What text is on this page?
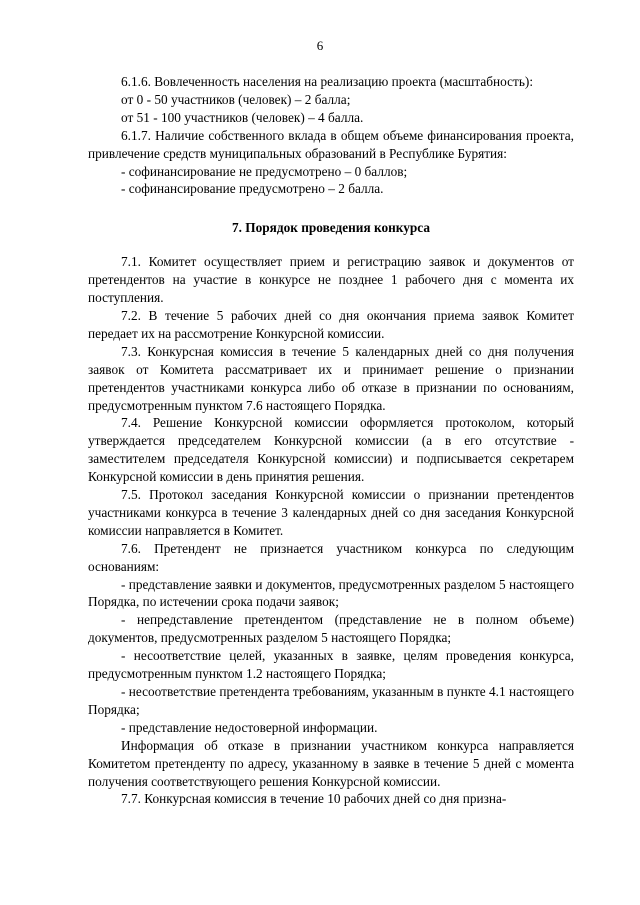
6

6.1.6. Вовлеченность населения на реализацию проекта (масштабность):

от 0 - 50 участников (человек) – 2 балла;

от 51 - 100 участников (человек) – 4 балла.

6.1.7. Наличие собственного вклада в общем объеме финансирования проекта, привлечение средств муниципальных образований в Республике Бурятия:

- софинансирование не предусмотрено – 0 баллов;

- софинансирование предусмотрено – 2 балла.

7. Порядок проведения конкурса

7.1. Комитет осуществляет прием и регистрацию заявок и документов от претендентов на участие в конкурсе не позднее 1 рабочего дня с момента их поступления.

7.2. В течение 5 рабочих дней со дня окончания приема заявок Комитет передает их на рассмотрение Конкурсной комиссии.

7.3. Конкурсная комиссия в течение 5 календарных дней со дня получения заявок от Комитета рассматривает их и принимает решение о признании претендентов участниками конкурса либо об отказе в признании по основаниям, предусмотренным пунктом 7.6 настоящего Порядка.

7.4. Решение Конкурсной комиссии оформляется протоколом, который утверждается председателем Конкурсной комиссии (а в его отсутствие - заместителем председателя Конкурсной комиссии) и подписывается секретарем Конкурсной комиссии в день принятия решения.

7.5. Протокол заседания Конкурсной комиссии о признании претендентов участниками конкурса в течение 3 календарных дней со дня заседания Конкурсной комиссии направляется в Комитет.

7.6. Претендент не признается участником конкурса по следующим основаниям:

- представление заявки и документов, предусмотренных разделом 5 настоящего Порядка, по истечении срока подачи заявок;

- непредставление претендентом (представление не в полном объеме) документов, предусмотренных разделом 5 настоящего Порядка;

- несоответствие целей, указанных в заявке, целям проведения конкурса, предусмотренным пунктом 1.2 настоящего Порядка;

- несоответствие претендента требованиям, указанным в пункте 4.1 настоящего Порядка;

- представление недостоверной информации.

Информация об отказе в признании участником конкурса направляется Комитетом претенденту по адресу, указанному в заявке в течение 5 дней с момента получения соответствующего решения Конкурсной комиссии.

7.7. Конкурсная комиссия в течение 10 рабочих дней со дня призна-
